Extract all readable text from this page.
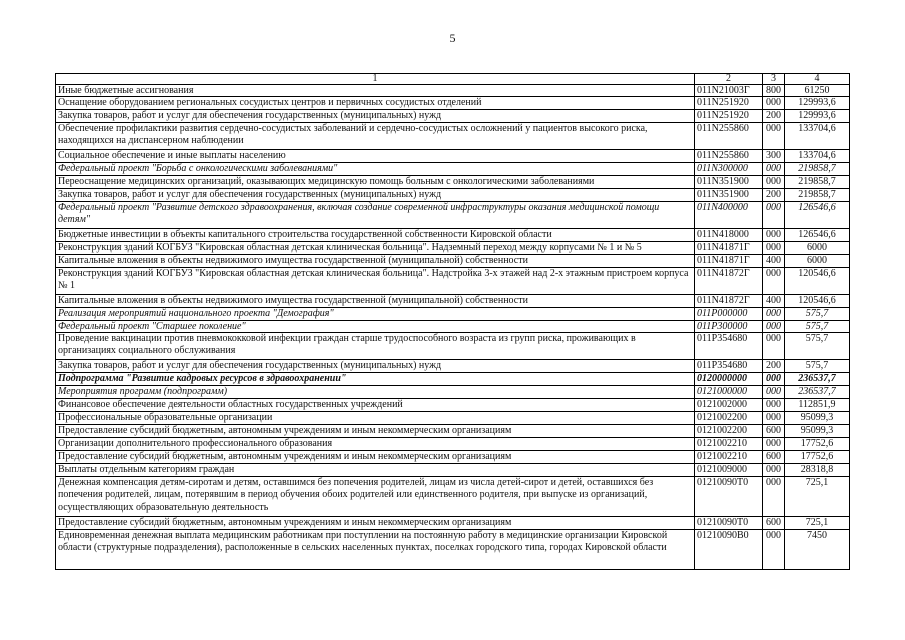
5
1	2	3	4
Иные бюджетные ассигнования	011N21003Г	800	61250
Оснащение оборудованием региональных сосудистых центров и первичных сосудистых отделений	011N251920	000	129993,6
Закупка товаров, работ и услуг для обеспечения государственных (муниципальных) нужд	011N251920	200	129993,6
Обеспечение профилактики развития сердечно-сосудистых заболеваний и сердечно-сосудистых осложнений у пациентов высокого риска, находящихся на диспансерном наблюдении	011N255860	000	133704,6
Социальное обеспечение и иные выплаты населению	011N255860	300	133704,6
Федеральный проект "Борьба с онкологическими заболеваниями"	011N300000	000	219858,7
Переоснащение медицинских организаций, оказывающих медицинскую помощь больным с онкологическими заболеваниями	011N351900	000	219858,7
Закупка товаров, работ и услуг для обеспечения государственных (муниципальных) нужд	011N351900	200	219858,7
Федеральный проект "Развитие детского здравоохранения, включая создание современной инфраструктуры оказания медицинской помощи детям"	011N400000	000	126546,6
Бюджетные инвестиции в объекты капитального строительства государственной собственности Кировской области	011N418000	000	126546,6
Реконструкция зданий КОГБУЗ "Кировская областная детская клиническая больница". Надземный переход между корпусами № 1 и № 5	011N41871Г	000	6000
Капитальные вложения в объекты недвижимого имущества государственной (муниципальной) собственности	011N41871Г	400	6000
Реконструкция зданий КОГБУЗ "Кировская областная детская клиническая больница". Надстройка 3-х этажей над 2-х этажным пристроем корпуса № 1	011N41872Г	000	120546,6
Капитальные вложения в объекты недвижимого имущества государственной (муниципальной) собственности	011N41872Г	400	120546,6
Реализация мероприятий национального проекта "Демография"	011P000000	000	575,7
Федеральный проект "Старшее поколение"	011P300000	000	575,7
Проведение вакцинации против пневмококковой инфекции граждан старше трудоспособного возраста из групп риска, проживающих в организациях социального обслуживания	011P354680	000	575,7
Закупка товаров, работ и услуг для обеспечения государственных (муниципальных) нужд	011P354680	200	575,7
Подпрограмма "Развитие кадровых ресурсов в здравоохранении"	0120000000	000	236537,7
Мероприятия программ (подпрограмм)	0121000000	000	236537,7
Финансовое обеспечение деятельности областных государственных учреждений	0121002000	000	112851,9
Профессиональные образовательные организации	0121002200	000	95099,3
Предоставление субсидий бюджетным, автономным учреждениям и иным некоммерческим организациям	0121002200	600	95099,3
Организации дополнительного профессионального образования	0121002210	000	17752,6
Предоставление субсидий бюджетным, автономным учреждениям и иным некоммерческим организациям	0121002210	600	17752,6
Выплаты отдельным категориям граждан	0121009000	000	28318,8
Денежная компенсация детям-сиротам и детям, оставшимся без попечения родителей, лицам из числа детей-сирот и детей, оставшихся без попечения родителей, лицам, потерявшим в период обучения обоих родителей или единственного родителя, при выпуске из организаций, осуществляющих образовательную деятельность	01210090Т0	000	725,1
Предоставление субсидий бюджетным, автономным учреждениям и иным некоммерческим организациям	01210090Т0	600	725,1
Единовременная денежная выплата медицинским работникам при поступлении на постоянную работу в медицинские организации Кировской области (структурные подразделения), расположенные в сельских населенных пунктах, поселках городского типа, городах Кировской области	01210090В0	000	7450
